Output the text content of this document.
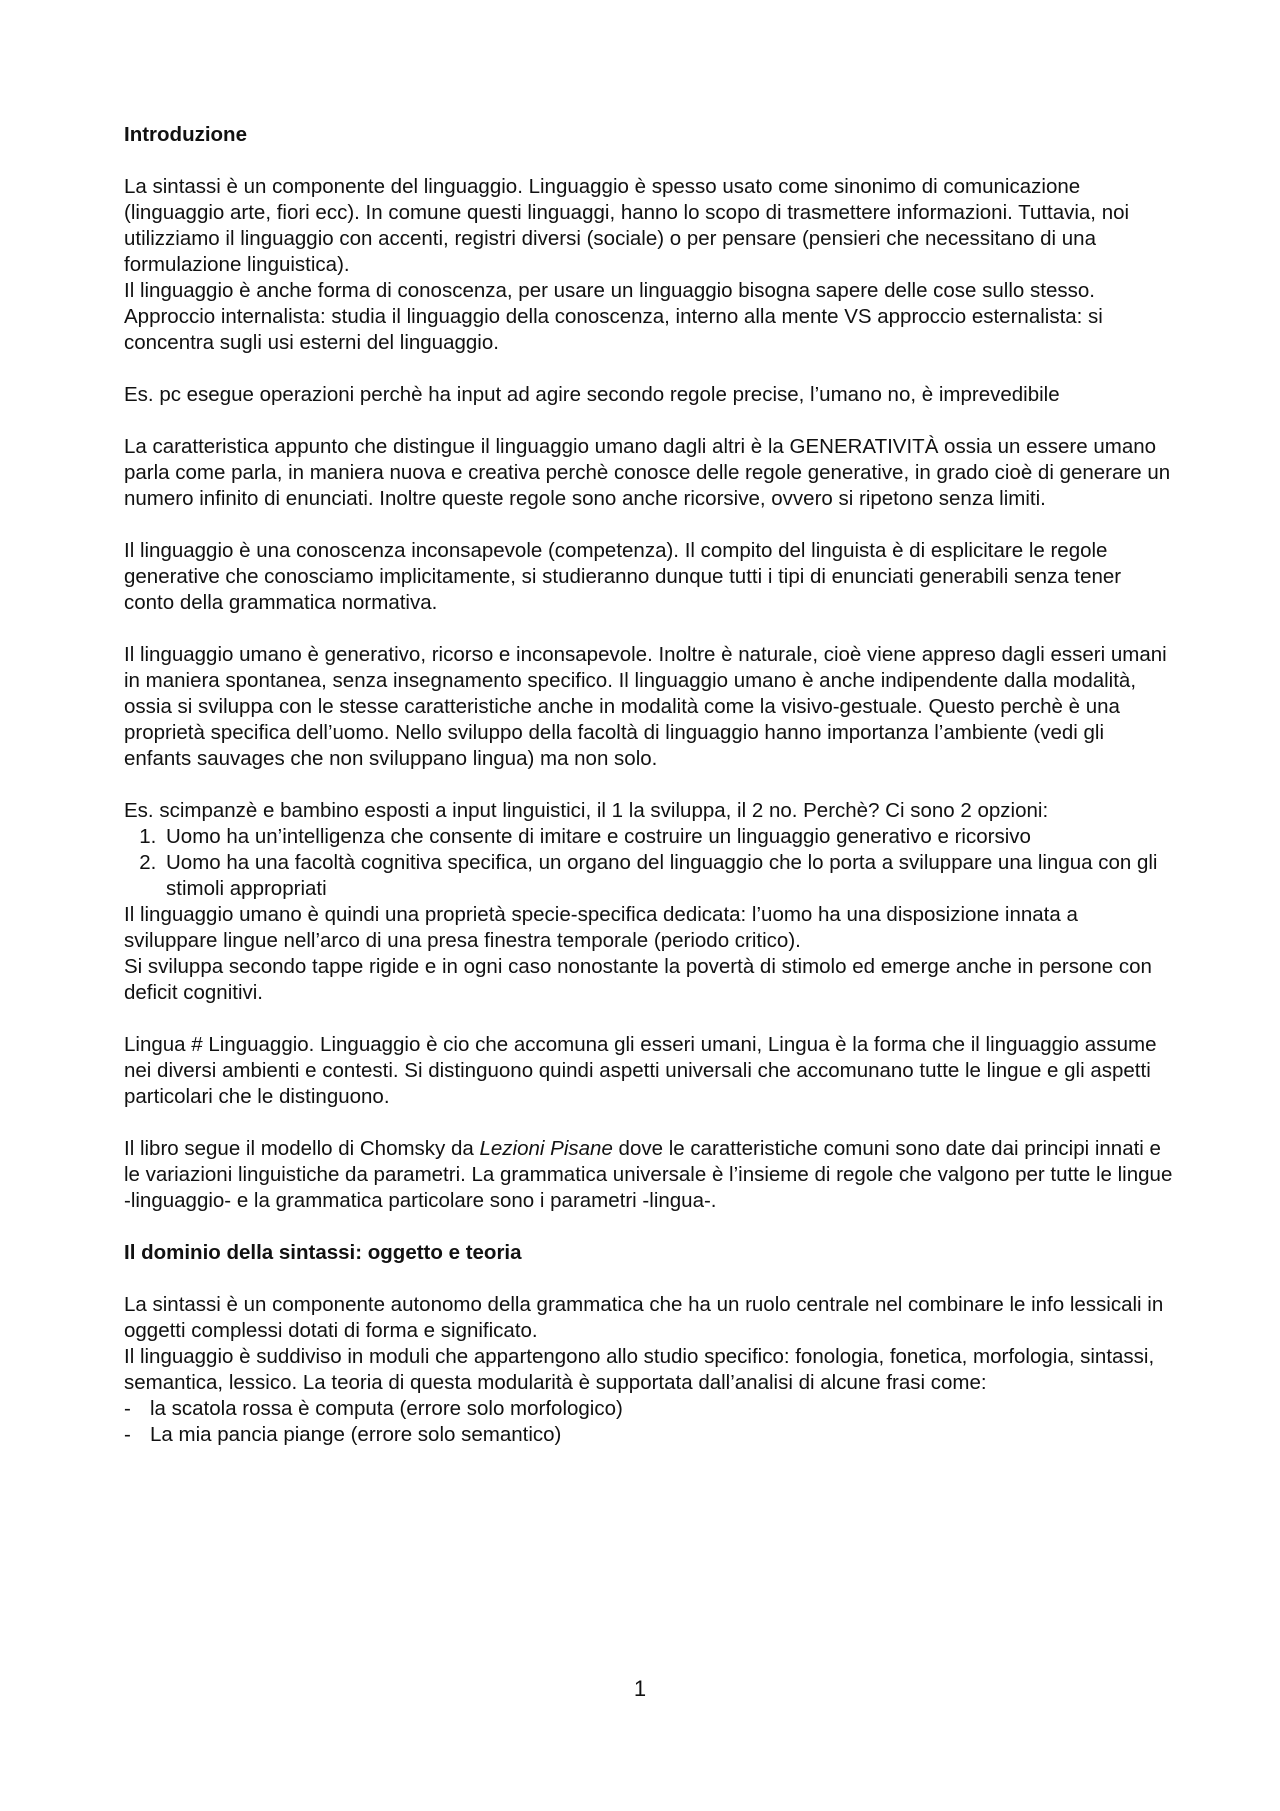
Introduzione

La sintassi è un componente del linguaggio. Linguaggio è spesso usato come sinonimo di comunicazione (linguaggio arte, fiori ecc). In comune questi linguaggi, hanno lo scopo di trasmettere informazioni. Tuttavia, noi utilizziamo il linguaggio con accenti, registri diversi (sociale) o per pensare (pensieri che necessitano di una formulazione linguistica).

Il linguaggio è anche forma di conoscenza, per usare un linguaggio bisogna sapere delle cose sullo stesso. Approccio internalista: studia il linguaggio della conoscenza, interno alla mente VS approccio esternalista: si concentra sugli usi esterni del linguaggio.

Es. pc esegue operazioni perchè ha input ad agire secondo regole precise, l’umano no, è imprevedibile

La caratteristica appunto che distingue il linguaggio umano dagli altri è la GENERATIVITÀ ossia un essere umano parla come parla, in maniera nuova e creativa perchè conosce delle regole generative, in grado cioè di generare un numero infinito di enunciati. Inoltre queste regole sono anche ricorsive, ovvero si ripetono senza limiti.

Il linguaggio è una conoscenza inconsapevole (competenza). Il compito del linguista è di esplicitare le regole generative che conosciamo implicitamente, si studieranno dunque tutti i tipi di enunciati generabili senza tener conto della grammatica normativa.

Il linguaggio umano è generativo, ricorso e inconsapevole. Inoltre è naturale, cioè viene appreso dagli esseri umani in maniera spontanea, senza insegnamento specifico. Il linguaggio umano è anche indipendente dalla modalità, ossia si sviluppa con le stesse caratteristiche anche in modalità come la visivo-gestuale. Questo perchè è una proprietà specifica dell’uomo. Nello sviluppo della facoltà di linguaggio hanno importanza l’ambiente (vedi gli enfants sauvages che non sviluppano lingua) ma non solo.

Es. scimpanzè e bambino esposti a input linguistici, il 1 la sviluppa, il 2 no. Perchè? Ci sono 2 opzioni:

1. Uomo ha un’intelligenza che consente di imitare e costruire un linguaggio generativo e ricorsivo
2. Uomo ha una facoltà cognitiva specifica, un organo del linguaggio che lo porta a sviluppare una lingua con gli stimoli appropriati

Il linguaggio umano è quindi una proprietà specie-specifica dedicata: l’uomo ha una disposizione innata a sviluppare lingue nell’arco di una presa finestra temporale (periodo critico).

Si sviluppa secondo tappe rigide e in ogni caso nonostante la povertà di stimolo ed emerge anche in persone con deficit cognitivi.

Lingua # Linguaggio. Linguaggio è cio che accomuna gli esseri umani, Lingua è la forma che il linguaggio assume nei diversi ambienti e contesti. Si distinguono quindi aspetti universali che accomunano tutte le lingue e gli aspetti particolari che le distinguono.

Il libro segue il modello di Chomsky da Lezioni Pisane dove le caratteristiche comuni sono date dai principi innati e le variazioni linguistiche da parametri. La grammatica universale è l’insieme di regole che valgono per tutte le lingue -linguaggio- e la grammatica particolare sono i parametri -lingua-.

Il dominio della sintassi: oggetto e teoria

La sintassi è un componente autonomo della grammatica che ha un ruolo centrale nel combinare le info lessicali in oggetti complessi dotati di forma e significato.

Il linguaggio è suddiviso in moduli che appartengono allo studio specifico: fonologia, fonetica, morfologia, sintassi, semantica, lessico. La teoria di questa modularità è supportata dall’analisi di alcune frasi come:

- la scatola rossa è computa (errore solo morfologico)
- La mia pancia piange (errore solo semantico)
1
